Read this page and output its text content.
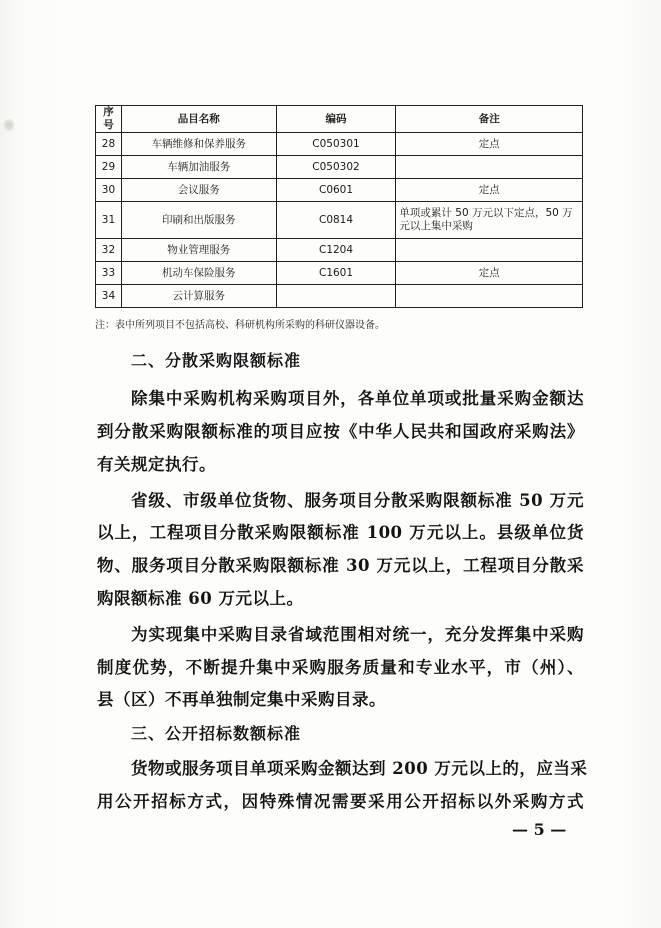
序号	品目名称	编码	备注
28	车辆维修和保养服务	C050301	定点
29	车辆加油服务	C050302	
30	会议服务	C0601	定点
31	印刷和出版服务	C0814	单项或累计 50 万元以下定点，50 万元以上集中采购
32	物业管理服务	C1204	
33	机动车保险服务	C1601	定点
34	云计算服务		
注：表中所列项目不包括高校、科研机构所采购的科研仪器设备。
二、分散采购限额标准
除集中采购机构采购项目外，各单位单项或批量采购金额达
到分散采购限额标准的项目应按《中华人民共和国政府采购法》
有关规定执行。
省级、市级单位货物、服务项目分散采购限额标准 50 万元
以上，工程项目分散采购限额标准 100 万元以上。县级单位货
物、服务项目分散采购限额标准 30 万元以上，工程项目分散采
购限额标准 60 万元以上。
为实现集中采购目录省域范围相对统一，充分发挥集中采购
制度优势，不断提升集中采购服务质量和专业水平，市（州）、
县（区）不再单独制定集中采购目录。
三、公开招标数额标准
货物或服务项目单项采购金额达到 200 万元以上的，应当采
用公开招标方式，因特殊情况需要采用公开招标以外采购方式
— 5 —
